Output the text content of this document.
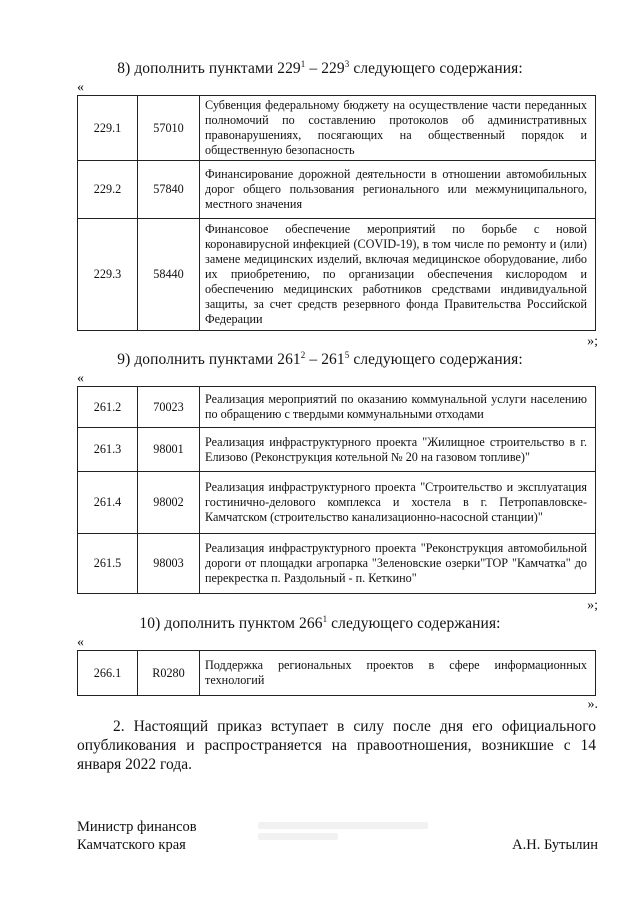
8) дополнить пунктами $229^1 - 229^3$ следующего содержания:
«
229.1	57010	Субвенция федеральному бюджету на осуществление части переданных полномочий по составлению протоколов об административных правонарушениях, посягающих на общественный порядок и общественную безопасность
229.2	57840	Финансирование дорожной деятельности в отношении автомобильных дорог общего пользования регионального или межмуниципального, местного значения
229.3	58440	Финансовое обеспечение мероприятий по борьбе с новой коронавирусной инфекцией (COVID-19), в том числе по ремонту и (или) замене медицинских изделий, включая медицинское оборудование, либо их приобретению, по организации обеспечения кислородом и обеспечению медицинских работников средствами индивидуальной защиты, за счет средств резервного фонда Правительства Российской Федерации
»;
9) дополнить пунктами $261^2 - 261^5$ следующего содержания:
«
261.2	70023	Реализация мероприятий по оказанию коммунальной услуги населению по обращению с твердыми коммунальными отходами
261.3	98001	Реализация инфраструктурного проекта "Жилищное строительство в г. Елизово (Реконструкция котельной № 20 на газовом топливе)"
261.4	98002	Реализация инфраструктурного проекта "Строительство и эксплуатация гостинично-делового комплекса и хостела в г. Петропавловске-Камчатском (строительство канализационно-насосной станции)"
261.5	98003	Реализация инфраструктурного проекта "Реконструкция автомобильной дороги от площадки агропарка "Зеленовские озерки"ТОР "Камчатка" до перекрестка п. Раздольный - п. Кеткино"
»;
10) дополнить пунктом $266^1$ следующего содержания:
«
266.1	R0280	Поддержка региональных проектов в сфере информационных технологий
».
2. Настоящий приказ вступает в силу после дня его официального опубликования и распространяется на правоотношения, возникшие с 14 января 2022 года.
Министр финансов
Камчатского края	А.Н. Бутылин
